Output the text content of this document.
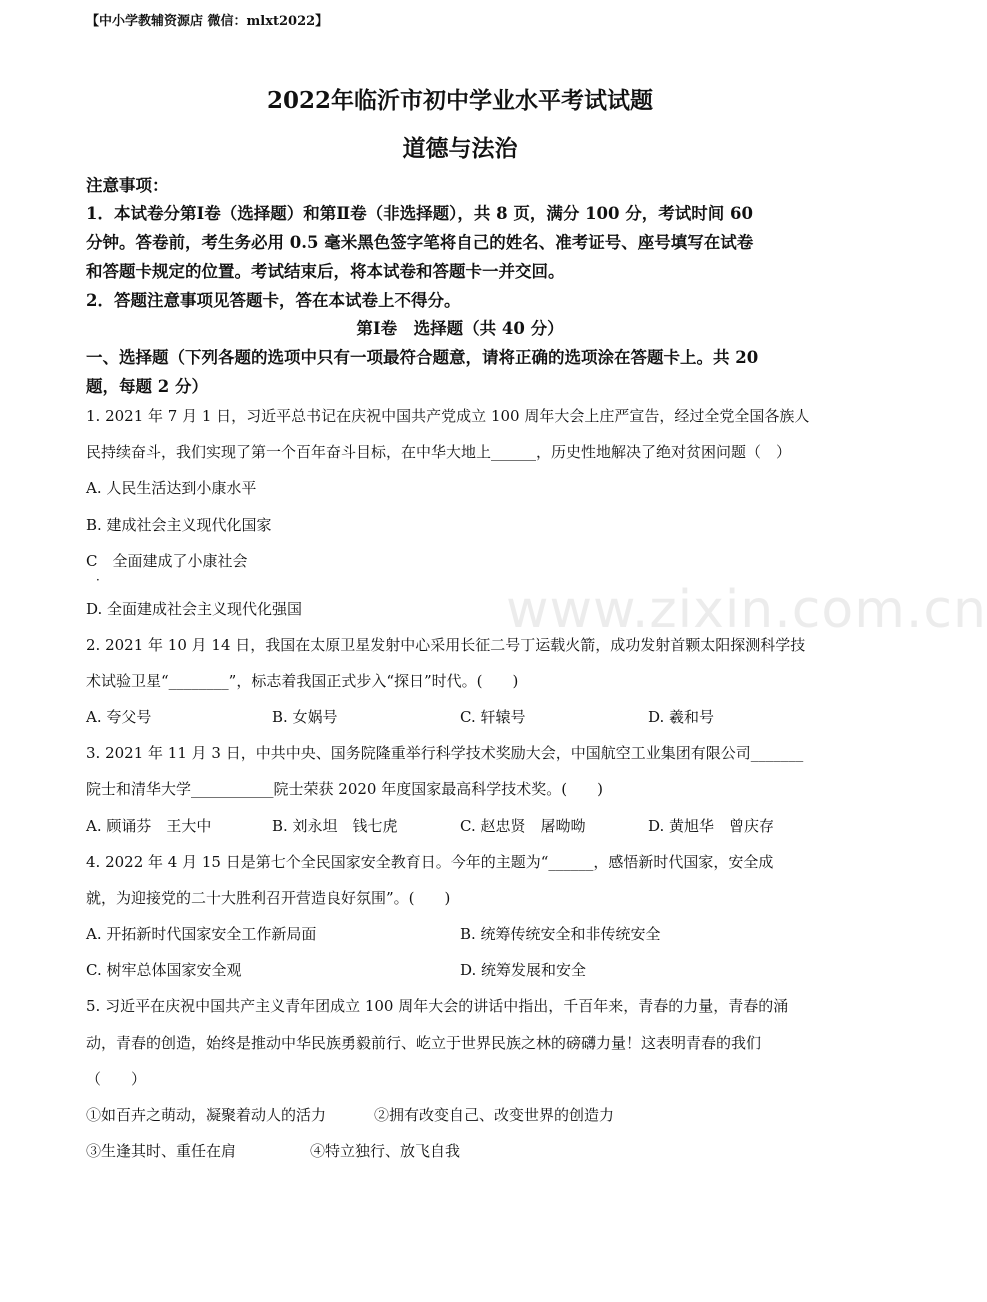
【中小学教辅资源店 微信：mlxt2022】
2022年临沂市初中学业水平考试试题
道德与法治
注意事项：
1．本试卷分第Ⅰ卷（选择题）和第Ⅱ卷（非选择题），共 8 页，满分 100 分，考试时间 60
分钟。答卷前，考生务必用 0.5 毫米黑色签字笔将自己的姓名、准考证号、座号填写在试卷
和答题卡规定的位置。考试结束后，将本试卷和答题卡一并交回。
2．答题注意事项见答题卡，答在本试卷上不得分。
第Ⅰ卷　选择题（共 40 分）
一、选择题（下列各题的选项中只有一项最符合题意，请将正确的选项涂在答题卡上。共 20
题，每题 2 分）
www.zixin.com.cn
1. 2021 年 7 月 1 日，习近平总书记在庆祝中国共产党成立 100 周年大会上庄严宣告，经过全党全国各族人
民持续奋斗，我们实现了第一个百年奋斗目标，在中华大地上______，历史性地解决了绝对贫困问题（　）
A. 人民生活达到小康水平
B. 建成社会主义现代化国家
C　全面建成了小康社会
．
D. 全面建成社会主义现代化强国
2. 2021 年 10 月 14 日，我国在太原卫星发射中心采用长征二号丁运载火箭，成功发射首颗太阳探测科学技
术试验卫星“________”，标志着我国正式步入“探日”时代。(　　)
A. 夸父号	B. 女娲号	C. 轩辕号	D. 羲和号
3. 2021 年 11 月 3 日，中共中央、国务院隆重举行科学技术奖励大会，中国航空工业集团有限公司_______
院士和清华大学___________院士荣获 2020 年度国家最高科学技术奖。(　　)
A. 顾诵芬　王大中	B. 刘永坦　钱七虎	C. 赵忠贤　屠呦呦	D. 黄旭华　曾庆存
4. 2022 年 4 月 15 日是第七个全民国家安全教育日。今年的主题为“______，感悟新时代国家，安全成
就，为迎接党的二十大胜利召开营造良好氛围”。(　　)
A. 开拓新时代国家安全工作新局面	B. 统筹传统安全和非传统安全
C. 树牢总体国家安全观	D. 统筹发展和安全
5. 习近平在庆祝中国共产主义青年团成立 100 周年大会的讲话中指出，千百年来，青春的力量，青春的涌
动，青春的创造，始终是推动中华民族勇毅前行、屹立于世界民族之林的磅礴力量！这表明青春的我们
（　　）
①如百卉之萌动，凝聚着动人的活力	②拥有改变自己、改变世界的创造力
③生逢其时、重任在肩	④特立独行、放飞自我
